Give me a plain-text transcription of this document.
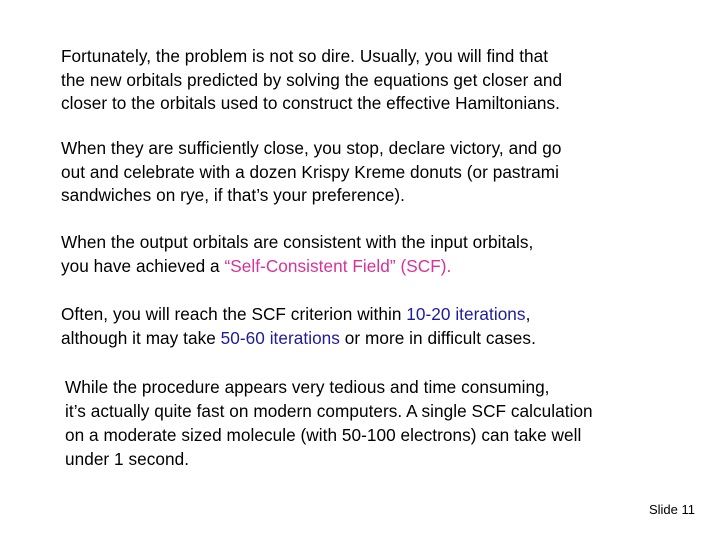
Fortunately, the problem is not so dire. Usually, you will find that
the new orbitals predicted by solving the equations get closer and
closer to the orbitals used to construct the effective Hamiltonians.

When they are sufficiently close, you stop, declare victory, and go
out and celebrate with a dozen Krispy Kreme donuts (or pastrami
sandwiches on rye, if that’s your preference).

When the output orbitals are consistent with the input orbitals,
you have achieved a “Self-Consistent Field” (SCF).

Often, you will reach the SCF criterion within 10-20 iterations,
although it may take 50-60 iterations or more in difficult cases.

While the procedure appears very tedious and time consuming,
it’s actually quite fast on modern computers. A single SCF calculation
on a moderate sized molecule (with 50-100 electrons) can take well
under 1 second.

Slide 11
